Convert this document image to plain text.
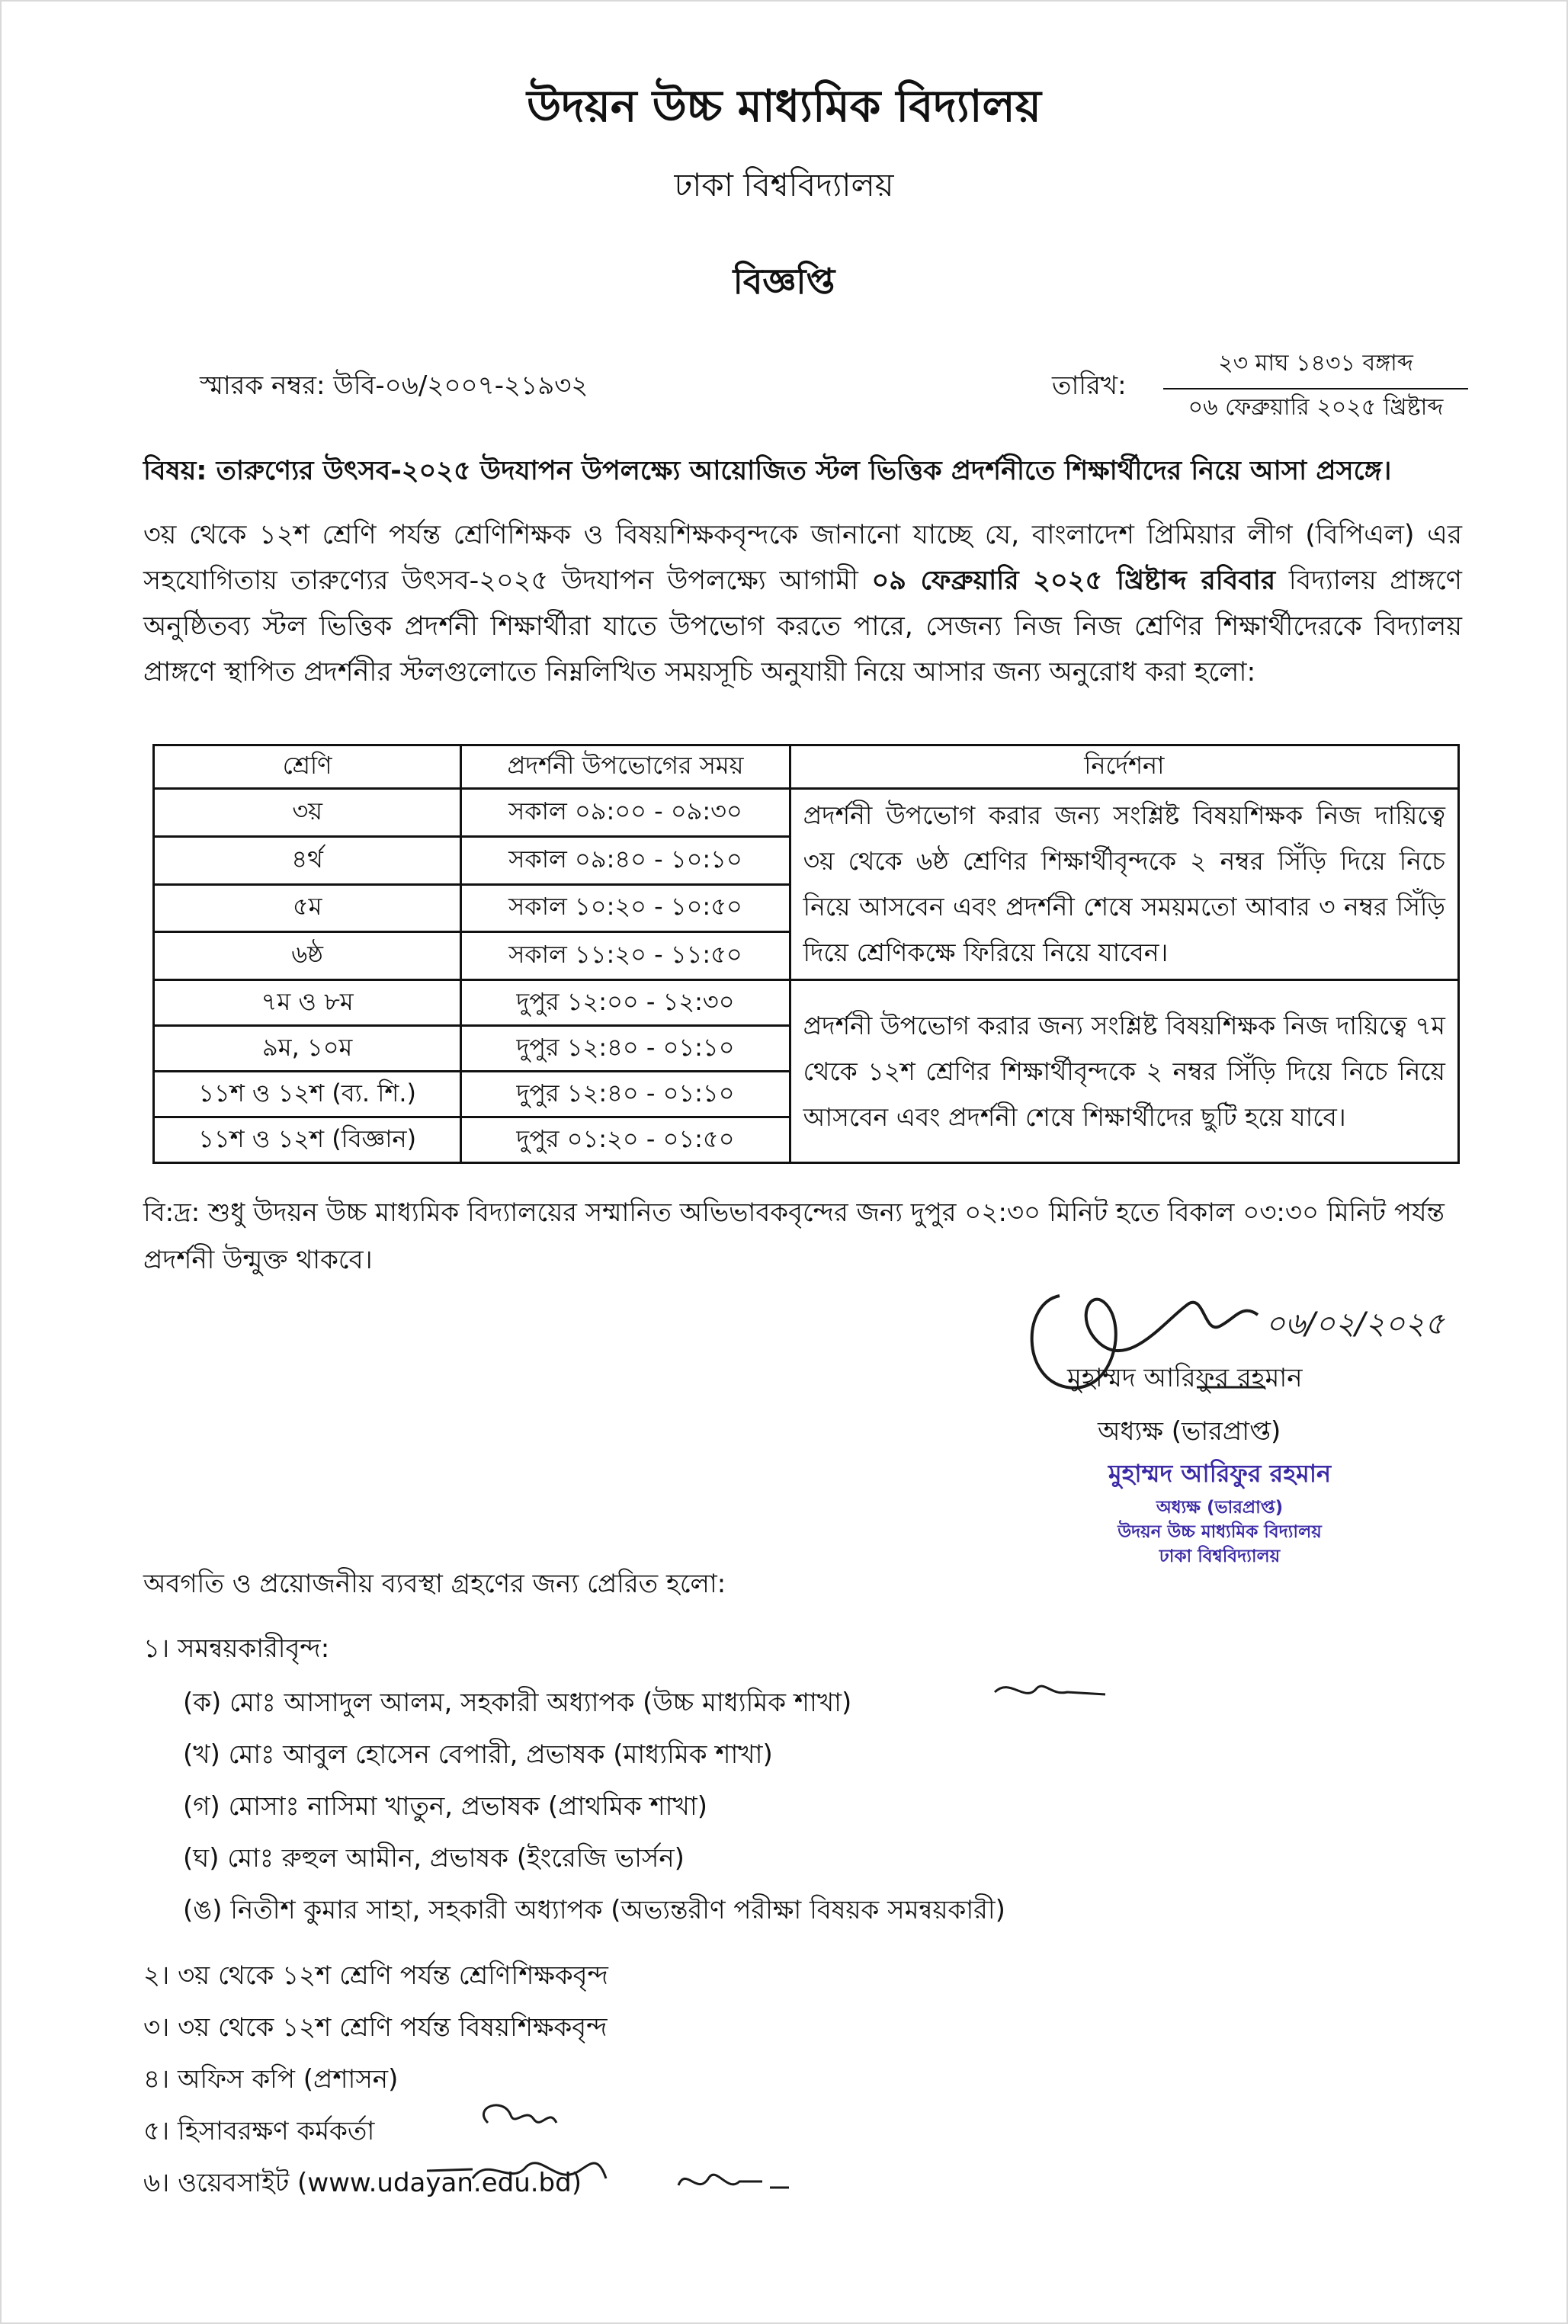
উদয়ন উচ্চ মাধ্যমিক বিদ্যালয়
ঢাকা বিশ্ববিদ্যালয়
বিজ্ঞপ্তি
স্মারক নম্বর: উবি-০৬/২০০৭-২১৯৩২	তারিখ:
২৩ মাঘ ১৪৩১ বঙ্গাব্দ
০৬ ফেব্রুয়ারি ২০২৫ খ্রিষ্টাব্দ
বিষয়: তারুণ্যের উৎসব-২০২৫ উদযাপন উপলক্ষ্যে আয়োজিত স্টল ভিত্তিক প্রদর্শনীতে শিক্ষার্থীদের নিয়ে আসা প্রসঙ্গে।
৩য় থেকে ১২শ শ্রেণি পর্যন্ত শ্রেণিশিক্ষক ও বিষয়শিক্ষকবৃন্দকে জানানো যাচ্ছে যে, বাংলাদেশ প্রিমিয়ার লীগ (বিপিএল) এর সহযোগিতায় তারুণ্যের উৎসব-২০২৫ উদযাপন উপলক্ষ্যে আগামী ০৯ ফেব্রুয়ারি ২০২৫ খ্রিষ্টাব্দ রবিবার বিদ্যালয় প্রাঙ্গণে অনুষ্ঠিতব্য স্টল ভিত্তিক প্রদর্শনী শিক্ষার্থীরা যাতে উপভোগ করতে পারে, সেজন্য নিজ নিজ শ্রেণির শিক্ষার্থীদেরকে বিদ্যালয় প্রাঙ্গণে স্থাপিত প্রদর্শনীর স্টলগুলোতে নিম্নলিখিত সময়সূচি অনুযায়ী নিয়ে আসার জন্য অনুরোধ করা হলো:
শ্রেণি	প্রদর্শনী উপভোগের সময়	নির্দেশনা
৩য়	সকাল ০৯:০০ - ০৯:৩০	প্রদর্শনী উপভোগ করার জন্য সংশ্লিষ্ট বিষয়শিক্ষক নিজ দায়িত্বে ৩য় থেকে ৬ষ্ঠ শ্রেণির শিক্ষার্থীবৃন্দকে ২ নম্বর সিঁড়ি দিয়ে নিচে নিয়ে আসবেন এবং প্রদর্শনী শেষে সময়মতো আবার ৩ নম্বর সিঁড়ি দিয়ে শ্রেণিকক্ষে ফিরিয়ে নিয়ে যাবেন।
৪র্থ	সকাল ০৯:৪০ - ১০:১০	
৫ম	সকাল ১০:২০ - ১০:৫০	
৬ষ্ঠ	সকাল ১১:২০ - ১১:৫০	
৭ম ও ৮ম	দুপুর ১২:০০ - ১২:৩০	প্রদর্শনী উপভোগ করার জন্য সংশ্লিষ্ট বিষয়শিক্ষক নিজ দায়িত্বে ৭ম থেকে ১২শ শ্রেণির শিক্ষার্থীবৃন্দকে ২ নম্বর সিঁড়ি দিয়ে নিচে নিয়ে আসবেন এবং প্রদর্শনী শেষে শিক্ষার্থীদের ছুটি হয়ে যাবে।
৯ম, ১০ম	দুপুর ১২:৪০ - ০১:১০	
১১শ ও ১২শ (ব্য. শি.)	দুপুর ১২:৪০ - ০১:১০	
১১শ ও ১২শ (বিজ্ঞান)	দুপুর ০১:২০ - ০১:৫০	
বি:দ্র: শুধু উদয়ন উচ্চ মাধ্যমিক বিদ্যালয়ের সম্মানিত অভিভাবকবৃন্দের জন্য দুপুর ০২:৩০ মিনিট হতে বিকাল ০৩:৩০ মিনিট পর্যন্ত প্রদর্শনী উন্মুক্ত থাকবে।
০৬/০২/২০২৫
মুহাম্মদ আরিফুর রহমান
অধ্যক্ষ (ভারপ্রাপ্ত)
মুহাম্মদ আরিফুর রহমান
অধ্যক্ষ (ভারপ্রাপ্ত)
উদয়ন উচ্চ মাধ্যমিক বিদ্যালয়
ঢাকা বিশ্ববিদ্যালয়
অবগতি ও প্রয়োজনীয় ব্যবস্থা গ্রহণের জন্য প্রেরিত হলো:
১। সমন্বয়কারীবৃন্দ:
(ক) মোঃ আসাদুল আলম, সহকারী অধ্যাপক (উচ্চ মাধ্যমিক শাখা)
(খ) মোঃ আবুল হোসেন বেপারী, প্রভাষক (মাধ্যমিক শাখা)
(গ) মোসাঃ নাসিমা খাতুন, প্রভাষক (প্রাথমিক শাখা)
(ঘ) মোঃ রুহুল আমীন, প্রভাষক (ইংরেজি ভার্সন)
(ঙ) নিতীশ কুমার সাহা, সহকারী অধ্যাপক (অভ্যন্তরীণ পরীক্ষা বিষয়ক সমন্বয়কারী)
২। ৩য় থেকে ১২শ শ্রেণি পর্যন্ত শ্রেণিশিক্ষকবৃন্দ
৩। ৩য় থেকে ১২শ শ্রেণি পর্যন্ত বিষয়শিক্ষকবৃন্দ
৪। অফিস কপি (প্রশাসন)
৫। হিসাবরক্ষণ কর্মকর্তা
৬। ওয়েবসাইট (www.udayan.edu.bd)
